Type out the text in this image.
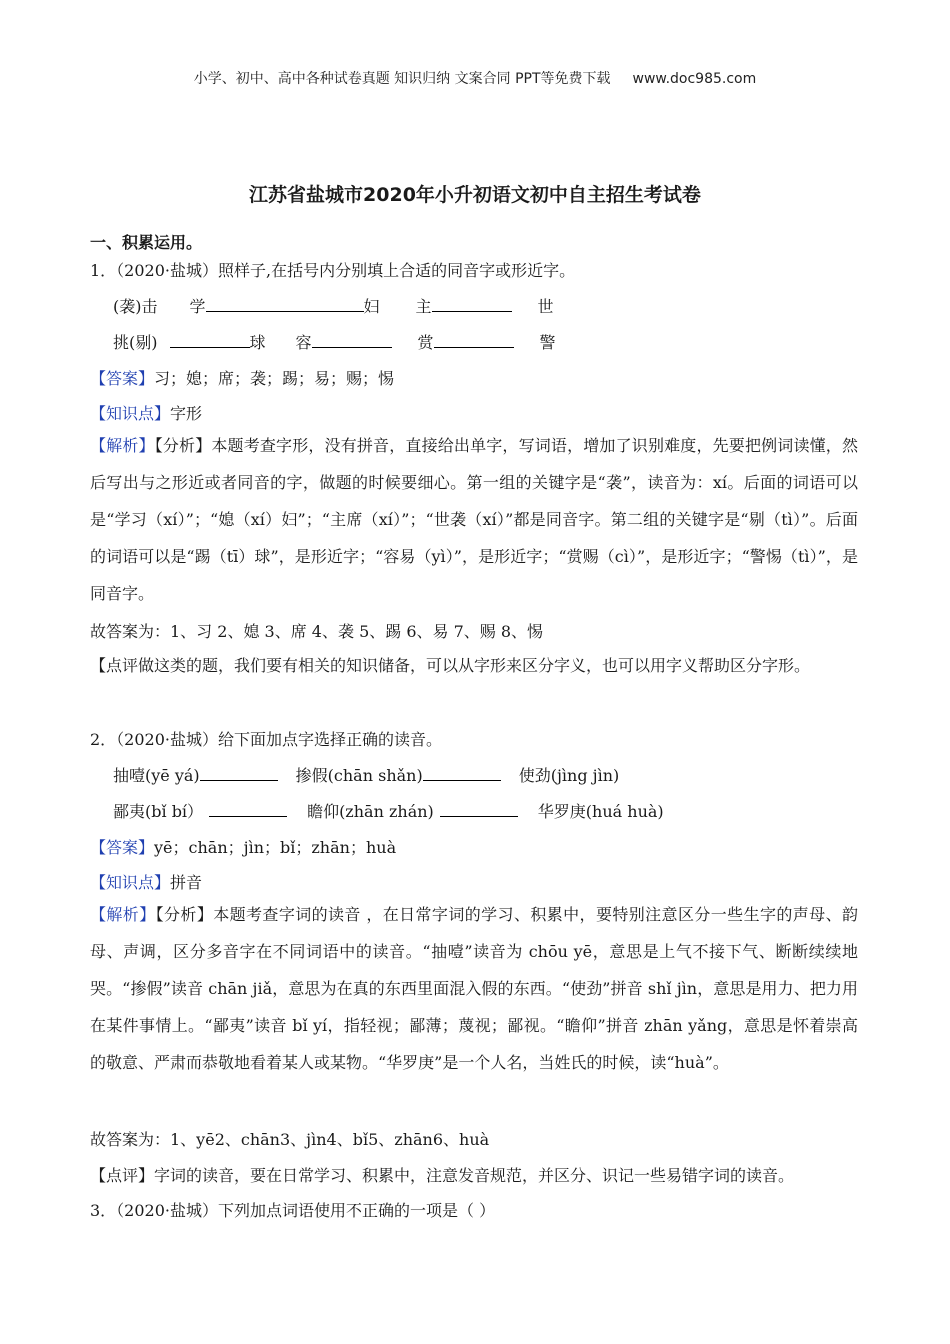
小学、初中、高中各种试卷真题 知识归纳 文案合同 PPT等免费下载 www.doc985.com
江苏省盐城市2020年小升初语文初中自主招生考试卷
一、积累运用。
1．（2020·盐城）照样子,在括号内分别填上合适的同音字或形近字。
(袭)击 学	妇 主	世
挑(剔)	球 容	赏	警
【答案】习；媳；席；袭；踢；易；赐；惕
【知识点】字形
【解析】【分析】本题考查字形，没有拼音，直接给出单字，写词语，增加了识别难度，先要把例词读懂，然后写出与之形近或者同音的字，做题的时候要细心。第一组的关键字是“袭”，读音为：xí。后面的词语可以是“学习（xí）”；“媳（xí）妇”；“主席（xí）”；“世袭（xí）”都是同音字。第二组的关键字是“剔（tì）”。后面的词语可以是“踢（tī）球”，是形近字；“容易（yì）”，是形近字；“赏赐（cì）”，是形近字；“警惕（tì）”，是同音字。
故答案为：1、习 2、媳 3、席 4、袭 5、踢 6、易 7、赐 8、惕
【点评做这类的题，我们要有相关的知识储备，可以从字形来区分字义，也可以用字义帮助区分字形。
2．（2020·盐城）给下面加点字选择正确的读音。
抽噎(yē yá)	掺假(chān shǎn)	使劲(jìng jìn)
鄙夷(bǐ bí）	瞻仰(zhān zhán)	华罗庚(huá huà)
【答案】yē；chān；jìn；bǐ；zhān；huà
【知识点】拼音
【解析】【分析】本题考查字词的读音 ，在日常字词的学习、积累中，要特别注意区分一些生字的声母、韵母、声调，区分多音字在不同词语中的读音。“抽噎”读音为 chōu yē，意思是上气不接下气、断断续续地哭。“掺假”读音 chān jiǎ，意思为在真的东西里面混入假的东西。“使劲”拼音 shǐ jìn，意思是用力、把力用在某件事情上。“鄙夷”读音 bǐ yí，指轻视；鄙薄；蔑视；鄙视。“瞻仰”拼音 zhān yǎng，意思是怀着崇高的敬意、严肃而恭敬地看着某人或某物。“华罗庚”是一个人名，当姓氏的时候，读“huà”。
故答案为：1、yē2、chān3、jìn4、bǐ5、zhān6、huà
【点评】字词的读音，要在日常学习、积累中，注意发音规范，并区分、识记一些易错字词的读音。
3．（2020·盐城）下列加点词语使用不正确的一项是（ ）
